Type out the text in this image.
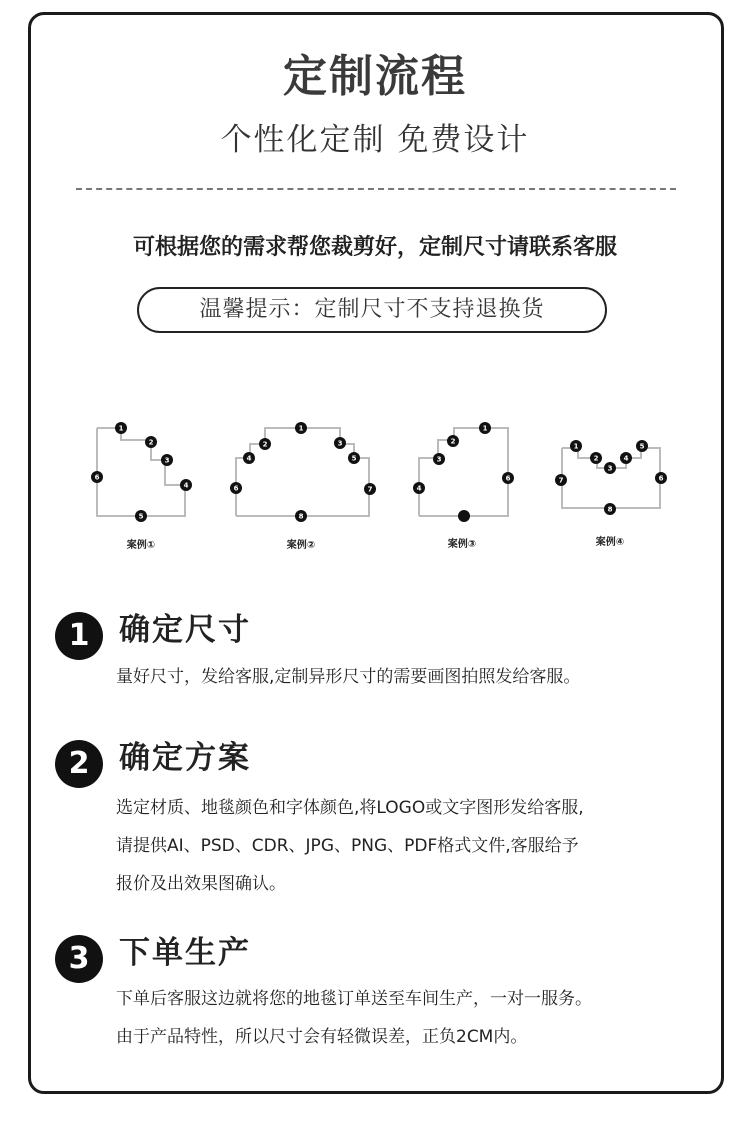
定制流程
个性化定制 免费设计
可根据您的需求帮您裁剪好，定制尺寸请联系客服
温馨提示：定制尺寸不支持退换货
1
2
3
4
5
6
案例①
1
2	3
4	5
6	7
8
案例②
1
2
3
4
6
案例③
1
2
3
4
5
6
7
8
案例④
1 确定尺寸
量好尺寸，发给客服,定制异形尺寸的需要画图拍照发给客服。
2 确定方案
选定材质、地毯颜色和字体颜色,将LOGO或文字图形发给客服,
请提供AI、PSD、CDR、JPG、PNG、PDF格式文件,客服给予
报价及出效果图确认。
3 下单生产
下单后客服这边就将您的地毯订单送至车间生产，一对一服务。
由于产品特性，所以尺寸会有轻微误差，正负2CM内。
